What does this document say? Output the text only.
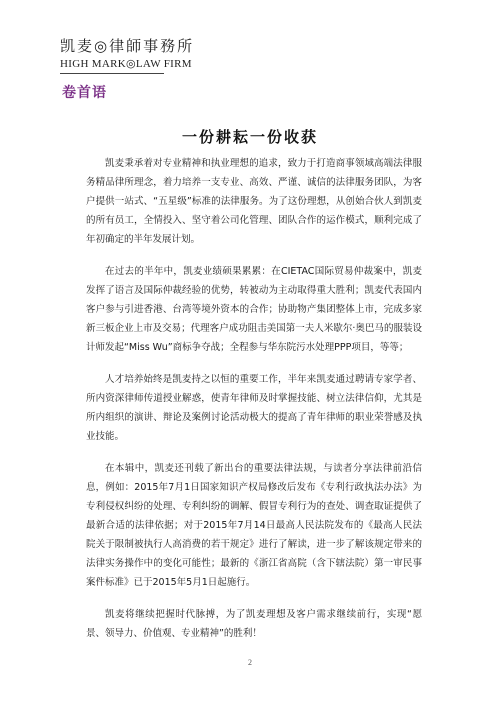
凯麦◎律師事務所
HIGH MARK◎LAW FIRM
卷首语
一份耕耘一份收获

凯麦秉承着对专业精神和执业理想的追求，致力于打造商事领域高端法律服务精品律所理念，着力培养一支专业、高效、严谨、诚信的法律服务团队，为客户提供一站式、“五星级”标准的法律服务。为了这份理想，从创始合伙人到凯麦的所有员工，全情投入、坚守着公司化管理、团队合作的运作模式，顺利完成了年初确定的半年发展计划。

在过去的半年中，凯麦业绩硕果累累：在CIETAC国际贸易仲裁案中，凯麦发挥了语言及国际仲裁经验的优势，转被动为主动取得重大胜利；凯麦代表国内客户参与引进香港、台湾等境外资本的合作；协助物产集团整体上市，完成多家新三板企业上市及交易；代理客户成功阻击美国第一夫人米歇尔·奥巴马的服装设计师发起“Miss Wu”商标争夺战；全程参与华东院污水处理PPP项目，等等；

人才培养始终是凯麦持之以恒的重要工作，半年来凯麦通过聘请专家学者、所内资深律师传道授业解惑，使青年律师及时掌握技能、树立法律信仰，尤其是所内组织的演讲、辩论及案例讨论活动极大的提高了青年律师的职业荣誉感及执业技能。

在本辑中，凯麦还刊载了新出台的重要法律法规，与读者分享法律前沿信息，例如：2015年7月1日国家知识产权局修改后发布《专利行政执法办法》为专利侵权纠纷的处理、专利纠纷的调解、假冒专利行为的查处、调查取证提供了最新合适的法律依据；对于2015年7月14日最高人民法院发布的《最高人民法院关于限制被执行人高消费的若干规定》进行了解读，进一步了解该规定带来的法律实务操作中的变化可能性；最新的《浙江省高院（含下辖法院）第一审民事案件标准》已于2015年5月1日起施行。

凯麦将继续把握时代脉搏，为了凯麦理想及客户需求继续前行，实现“愿景、领导力、价值观、专业精神”的胜利！

2
